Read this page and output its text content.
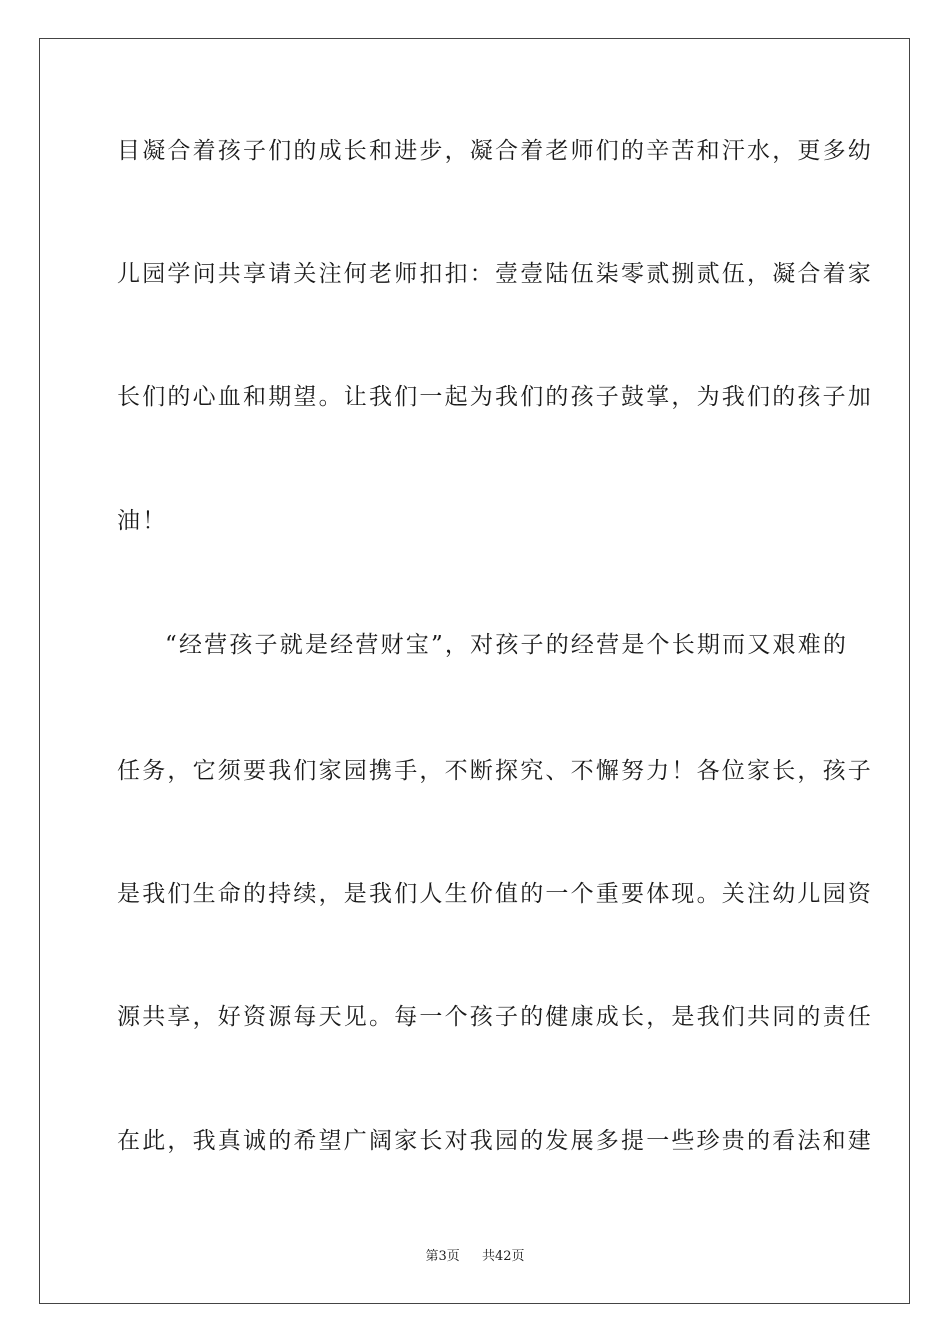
目凝合着孩子们的成长和进步，凝合着老师们的辛苦和汗水，更多幼
儿园学问共享请关注何老师扣扣：壹壹陆伍柒零贰捌贰伍，凝合着家
长们的心血和期望。让我们一起为我们的孩子鼓掌，为我们的孩子加
油！
“经营孩子就是经营财宝”，对孩子的经营是个长期而又艰难的
任务，它须要我们家园携手，不断探究、不懈努力！各位家长，孩子
是我们生命的持续，是我们人生价值的一个重要体现。关注幼儿园资
源共享，好资源每天见。每一个孩子的健康成长，是我们共同的责任
在此，我真诚的希望广阔家长对我园的发展多提一些珍贵的看法和建
第3页 共42页
